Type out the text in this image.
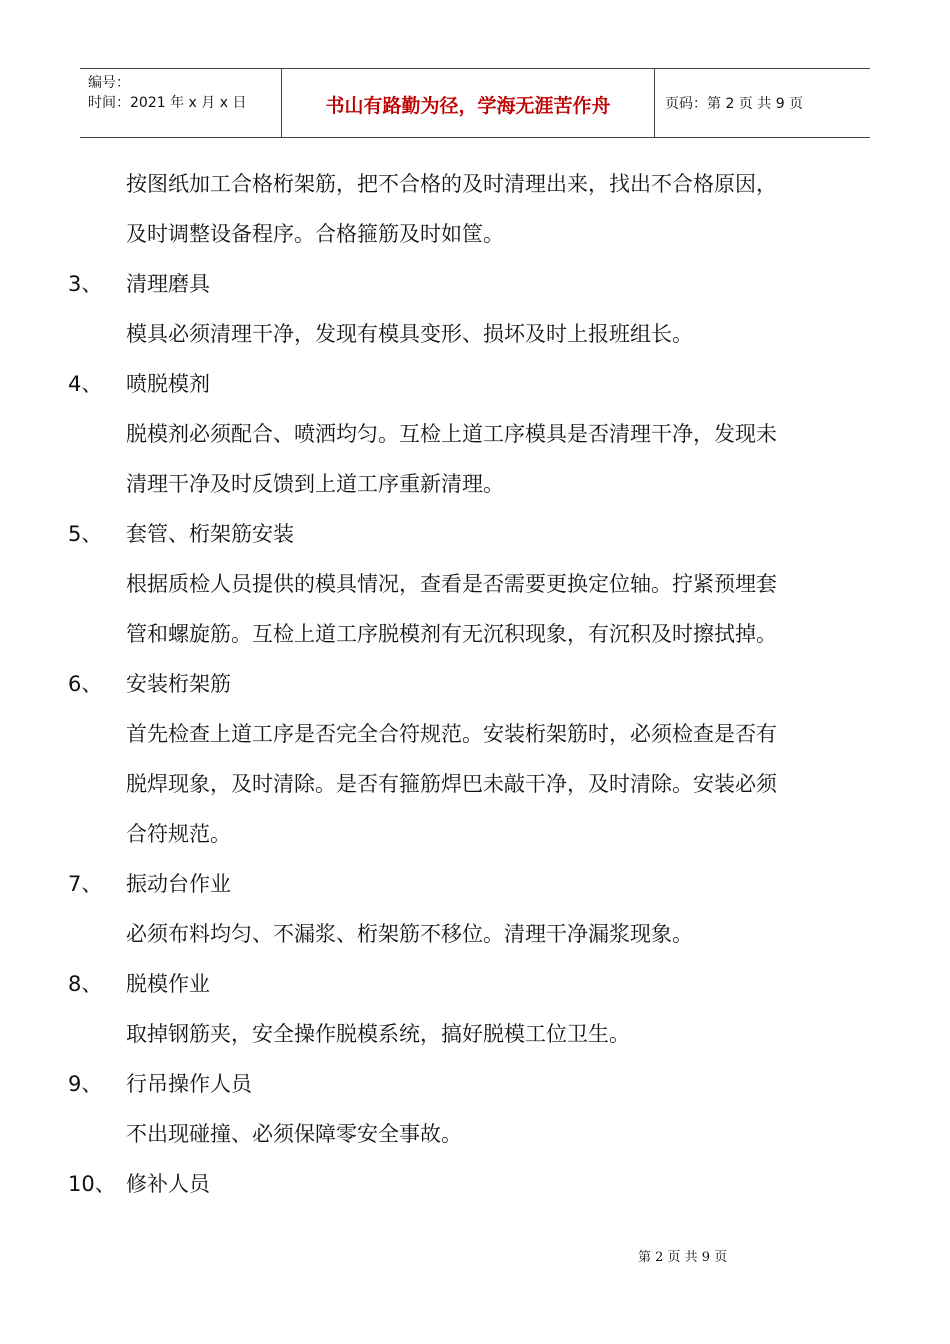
编号：
时间：2021 年 x 月 x 日	书山有路勤为径，学海无涯苦作舟	页码：第 2 页 共 9 页
按图纸加工合格桁架筋，把不合格的及时清理出来，找出不合格原因，
及时调整设备程序。合格箍筋及时如筐。
3、 清理磨具
模具必须清理干净，发现有模具变形、损坏及时上报班组长。
4、 喷脱模剂
脱模剂必须配合、喷洒均匀。互检上道工序模具是否清理干净，发现未
清理干净及时反馈到上道工序重新清理。
5、 套管、桁架筋安装
根据质检人员提供的模具情况，查看是否需要更换定位轴。拧紧预埋套
管和螺旋筋。互检上道工序脱模剂有无沉积现象，有沉积及时擦拭掉。
6、 安装桁架筋
首先检查上道工序是否完全合符规范。安装桁架筋时，必须检查是否有
脱焊现象，及时清除。是否有箍筋焊巴未敲干净，及时清除。安装必须
合符规范。
7、 振动台作业
必须布料均匀、不漏浆、桁架筋不移位。清理干净漏浆现象。
8、 脱模作业
取掉钢筋夹，安全操作脱模系统，搞好脱模工位卫生。
9、 行吊操作人员
不出现碰撞、必须保障零安全事故。
10、 修补人员
第 2 页 共 9 页
